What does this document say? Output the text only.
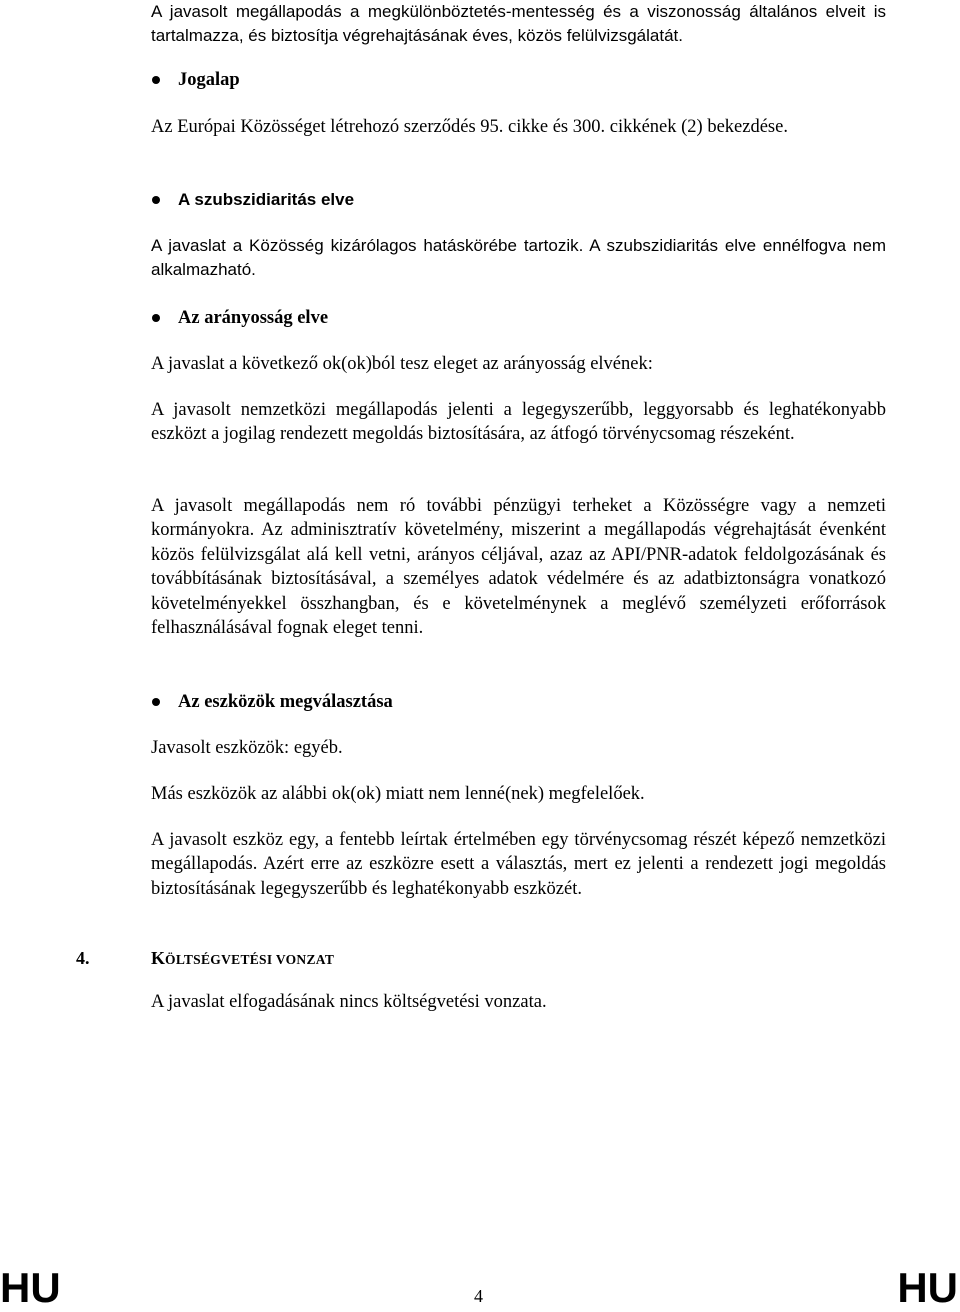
A javasolt megállapodás a megkülönböztetés-mentesség és a viszonosság általános elveit is tartalmazza, és biztosítja végrehajtásának éves, közös felülvizsgálatát.

Jogalap

Az Európai Közösséget létrehozó szerződés 95. cikke és 300. cikkének (2) bekezdése.

A szubszidiaritás elve

A javaslat a Közösség kizárólagos hatáskörébe tartozik. A szubszidiaritás elve ennélfogva nem alkalmazható.

Az arányosság elve

A javaslat a következő ok(ok)ból tesz eleget az arányosság elvének:

A javasolt nemzetközi megállapodás jelenti a legegyszerűbb, leggyorsabb és leghatékonyabb eszközt a jogilag rendezett megoldás biztosítására, az átfogó törvénycsomag részeként.

A javasolt megállapodás nem ró további pénzügyi terheket a Közösségre vagy a nemzeti kormányokra. Az adminisztratív követelmény, miszerint a megállapodás végrehajtását évenként közös felülvizsgálat alá kell vetni, arányos céljával, azaz az API/PNR-adatok feldolgozásának és továbbításának biztosításával, a személyes adatok védelmére és az adatbiztonságra vonatkozó követelményekkel összhangban, és e követelménynek a meglévő személyzeti erőforrások felhasználásával fognak eleget tenni.

Az eszközök megválasztása

Javasolt eszközök: egyéb.

Más eszközök az alábbi ok(ok) miatt nem lenné(nek) megfelelőek.

A javasolt eszköz egy, a fentebb leírtak értelmében egy törvénycsomag részét képező nemzetközi megállapodás. Azért erre az eszközre esett a választás, mert ez jelenti a rendezett jogi megoldás biztosításának legegyszerűbb és leghatékonyabb eszközét.

4.	KÖLTSÉGVETÉSI VONZAT

A javaslat elfogadásának nincs költségvetési vonzata.

HU	4	HU
